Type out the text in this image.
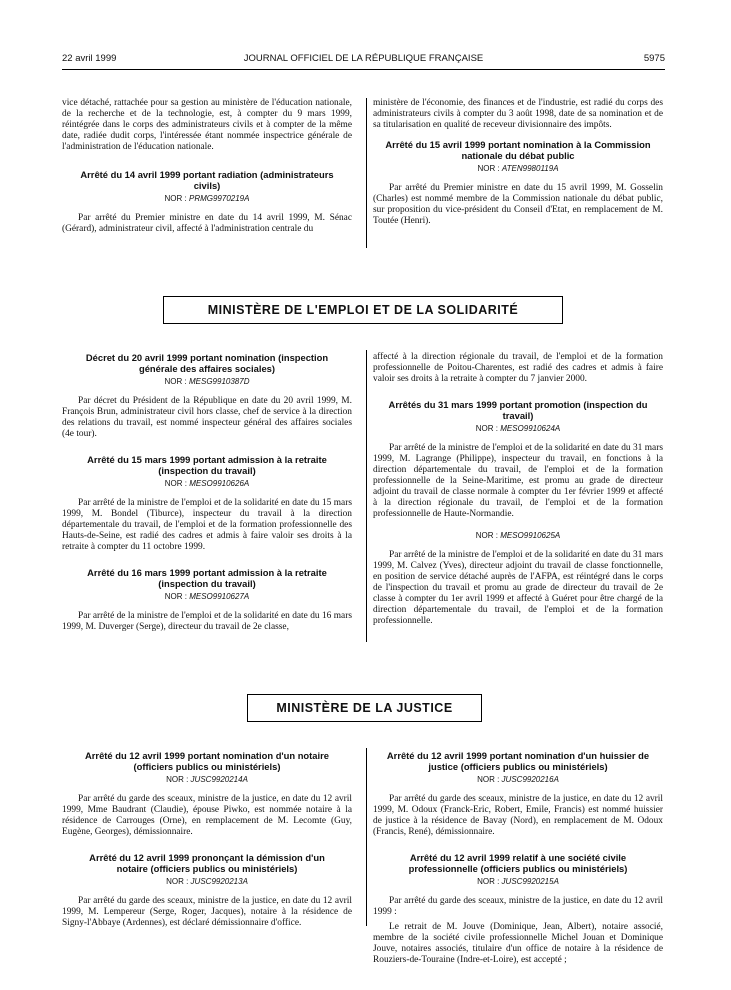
22 avril 1999	JOURNAL OFFICIEL DE LA RÉPUBLIQUE FRANÇAISE	5975

vice détaché, rattachée pour sa gestion au ministère de l'éducation nationale, de la recherche et de la technologie, est, à compter du 9 mars 1999, réintégrée dans le corps des administrateurs civils et à compter de la même date, radiée dudit corps, l'intéressée étant nommée inspectrice générale de l'administration de l'éducation nationale.

Arrêté du 14 avril 1999 portant radiation (administrateurs civils)
NOR : PRMG9970219A

Par arrêté du Premier ministre en date du 14 avril 1999, M. Sénac (Gérard), administrateur civil, affecté à l'administration centrale du

ministère de l'économie, des finances et de l'industrie, est radié du corps des administrateurs civils à compter du 3 août 1998, date de sa nomination et de sa titularisation en qualité de receveur divisionnaire des impôts.

Arrêté du 15 avril 1999 portant nomination à la Commission nationale du débat public
NOR : ATEN9980119A

Par arrêté du Premier ministre en date du 15 avril 1999, M. Gosselin (Charles) est nommé membre de la Commission nationale du débat public, sur proposition du vice-président du Conseil d'Etat, en remplacement de M. Toutée (Henri).

MINISTÈRE DE L'EMPLOI ET DE LA SOLIDARITÉ
Décret du 20 avril 1999 portant nomination (inspection générale des affaires sociales)
NOR : MESG9910387D

Par décret du Président de la République en date du 20 avril 1999, M. François Brun, administrateur civil hors classe, chef de service à la direction des relations du travail, est nommé inspecteur général des affaires sociales (4e tour).

Arrêté du 15 mars 1999 portant admission à la retraite (inspection du travail)
NOR : MESO9910626A

Par arrêté de la ministre de l'emploi et de la solidarité en date du 15 mars 1999, M. Bondel (Tiburce), inspecteur du travail à la direction départementale du travail, de l'emploi et de la formation professionnelle des Hauts-de-Seine, est radié des cadres et admis à faire valoir ses droits à la retraite à compter du 11 octobre 1999.

Arrêté du 16 mars 1999 portant admission à la retraite (inspection du travail)
NOR : MESO9910627A

Par arrêté de la ministre de l'emploi et de la solidarité en date du 16 mars 1999, M. Duverger (Serge), directeur du travail de 2e classe,

affecté à la direction régionale du travail, de l'emploi et de la formation professionnelle de Poitou-Charentes, est radié des cadres et admis à faire valoir ses droits à la retraite à compter du 7 janvier 2000.

Arrêtés du 31 mars 1999 portant promotion (inspection du travail)
NOR : MESO9910624A

Par arrêté de la ministre de l'emploi et de la solidarité en date du 31 mars 1999, M. Lagrange (Philippe), inspecteur du travail, en fonctions à la direction départementale du travail, de l'emploi et de la formation professionnelle de la Seine-Maritime, est promu au grade de directeur adjoint du travail de classe normale à compter du 1er février 1999 et affecté à la direction régionale du travail, de l'emploi et de la formation professionnelle de Haute-Normandie.

NOR : MESO9910625A

Par arrêté de la ministre de l'emploi et de la solidarité en date du 31 mars 1999, M. Calvez (Yves), directeur adjoint du travail de classe fonctionnelle, en position de service détaché auprès de l'AFPA, est réintégré dans le corps de l'inspection du travail et promu au grade de directeur du travail de 2e classe à compter du 1er avril 1999 et affecté à Guéret pour être chargé de la direction départementale du travail, de l'emploi et de la formation professionnelle.

MINISTÈRE DE LA JUSTICE
Arrêté du 12 avril 1999 portant nomination d'un notaire (officiers publics ou ministériels)
NOR : JUSC9920214A

Par arrêté du garde des sceaux, ministre de la justice, en date du 12 avril 1999, Mme Baudrant (Claudie), épouse Piwko, est nommée notaire à la résidence de Carrouges (Orne), en remplacement de M. Lecomte (Guy, Eugène, Georges), démissionnaire.

Arrêté du 12 avril 1999 prononçant la démission d'un notaire (officiers publics ou ministériels)
NOR : JUSC9920213A

Par arrêté du garde des sceaux, ministre de la justice, en date du 12 avril 1999, M. Lempereur (Serge, Roger, Jacques), notaire à la résidence de Signy-l'Abbaye (Ardennes), est déclaré démissionnaire d'office.

Arrêté du 12 avril 1999 portant nomination d'un huissier de justice (officiers publics ou ministériels)
NOR : JUSC9920216A

Par arrêté du garde des sceaux, ministre de la justice, en date du 12 avril 1999, M. Odoux (Franck-Eric, Robert, Emile, Francis) est nommé huissier de justice à la résidence de Bavay (Nord), en remplacement de M. Odoux (Francis, René), démissionnaire.

Arrêté du 12 avril 1999 relatif à une société civile professionnelle (officiers publics ou ministériels)
NOR : JUSC9920215A

Par arrêté du garde des sceaux, ministre de la justice, en date du 12 avril 1999 :

Le retrait de M. Jouve (Dominique, Jean, Albert), notaire associé, membre de la société civile professionnelle Michel Jouan et Dominique Jouve, notaires associés, titulaire d'un office de notaire à la résidence de Rouziers-de-Touraine (Indre-et-Loire), est accepté ;
